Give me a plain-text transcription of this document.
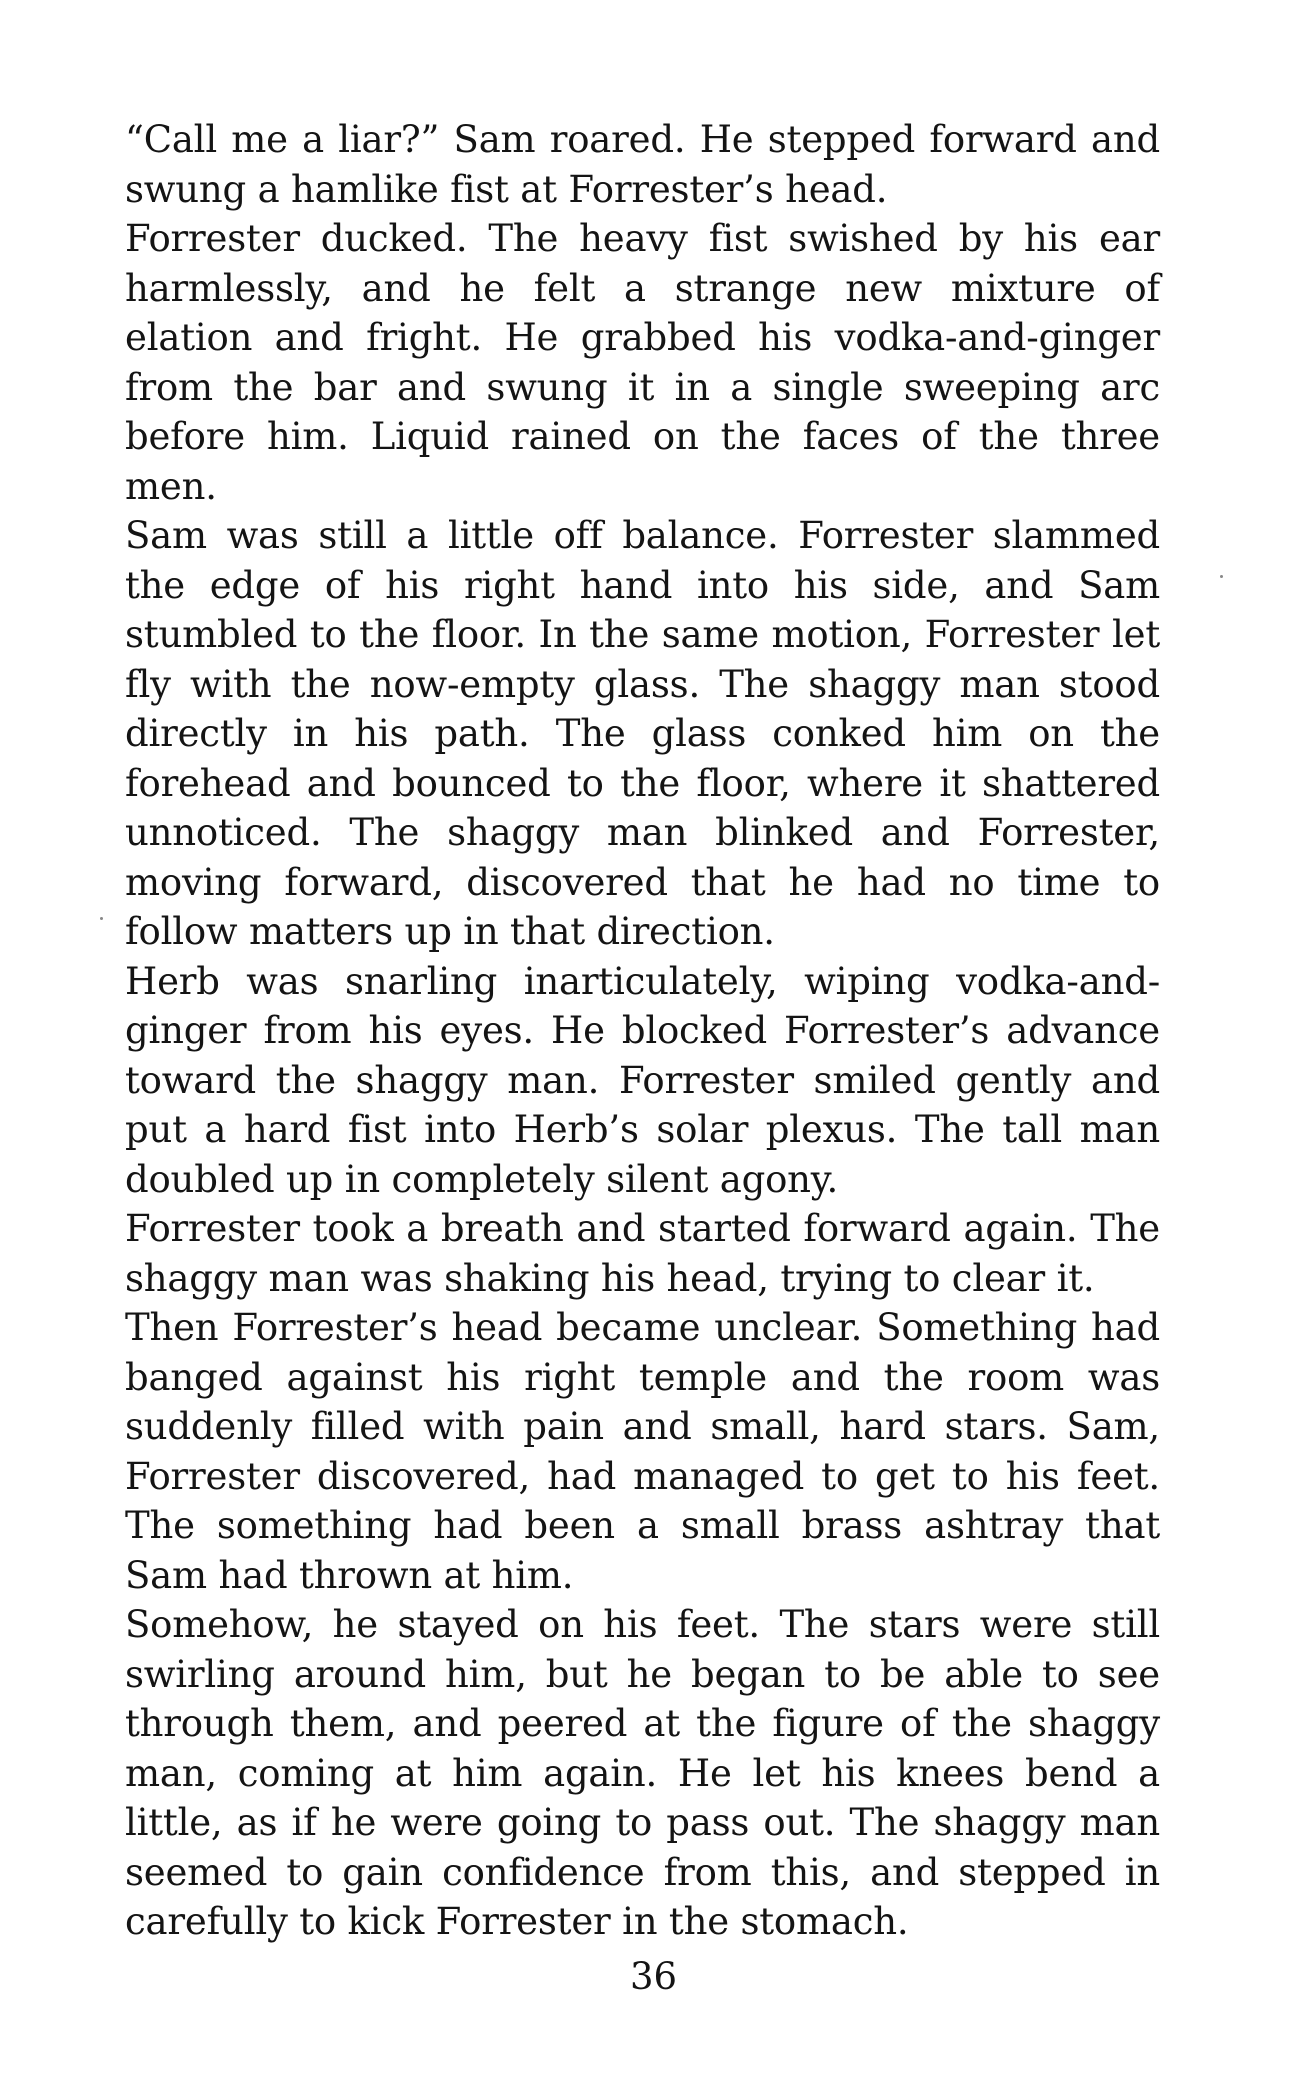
“Call me a liar?” Sam roared. He stepped forward and swung a hamlike fist at Forrester’s head.

Forrester ducked. The heavy fist swished by his ear harmlessly, and he felt a strange new mixture of elation and fright. He grabbed his vodka-and-ginger from the bar and swung it in a single sweeping arc before him. Liquid rained on the faces of the three men.

Sam was still a little off balance. Forrester slammed the edge of his right hand into his side, and Sam stumbled to the floor. In the same motion, Forrester let fly with the now-empty glass. The shaggy man stood directly in his path. The glass conked him on the forehead and bounced to the floor, where it shattered unnoticed. The shaggy man blinked and Forrester, moving forward, discovered that he had no time to follow matters up in that direction.

Herb was snarling inarticulately, wiping vodka-and-ginger from his eyes. He blocked Forrester’s advance toward the shaggy man. Forrester smiled gently and put a hard fist into Herb’s solar plexus. The tall man doubled up in completely silent agony.

Forrester took a breath and started forward again. The shaggy man was shaking his head, trying to clear it.

Then Forrester’s head became unclear. Something had banged against his right temple and the room was suddenly filled with pain and small, hard stars. Sam, Forrester discovered, had managed to get to his feet. The something had been a small brass ashtray that Sam had thrown at him.

Somehow, he stayed on his feet. The stars were still swirling around him, but he began to be able to see through them, and peered at the figure of the shaggy man, coming at him again. He let his knees bend a little, as if he were going to pass out. The shaggy man seemed to gain confidence from this, and stepped in carefully to kick Forrester in the stomach.

36
